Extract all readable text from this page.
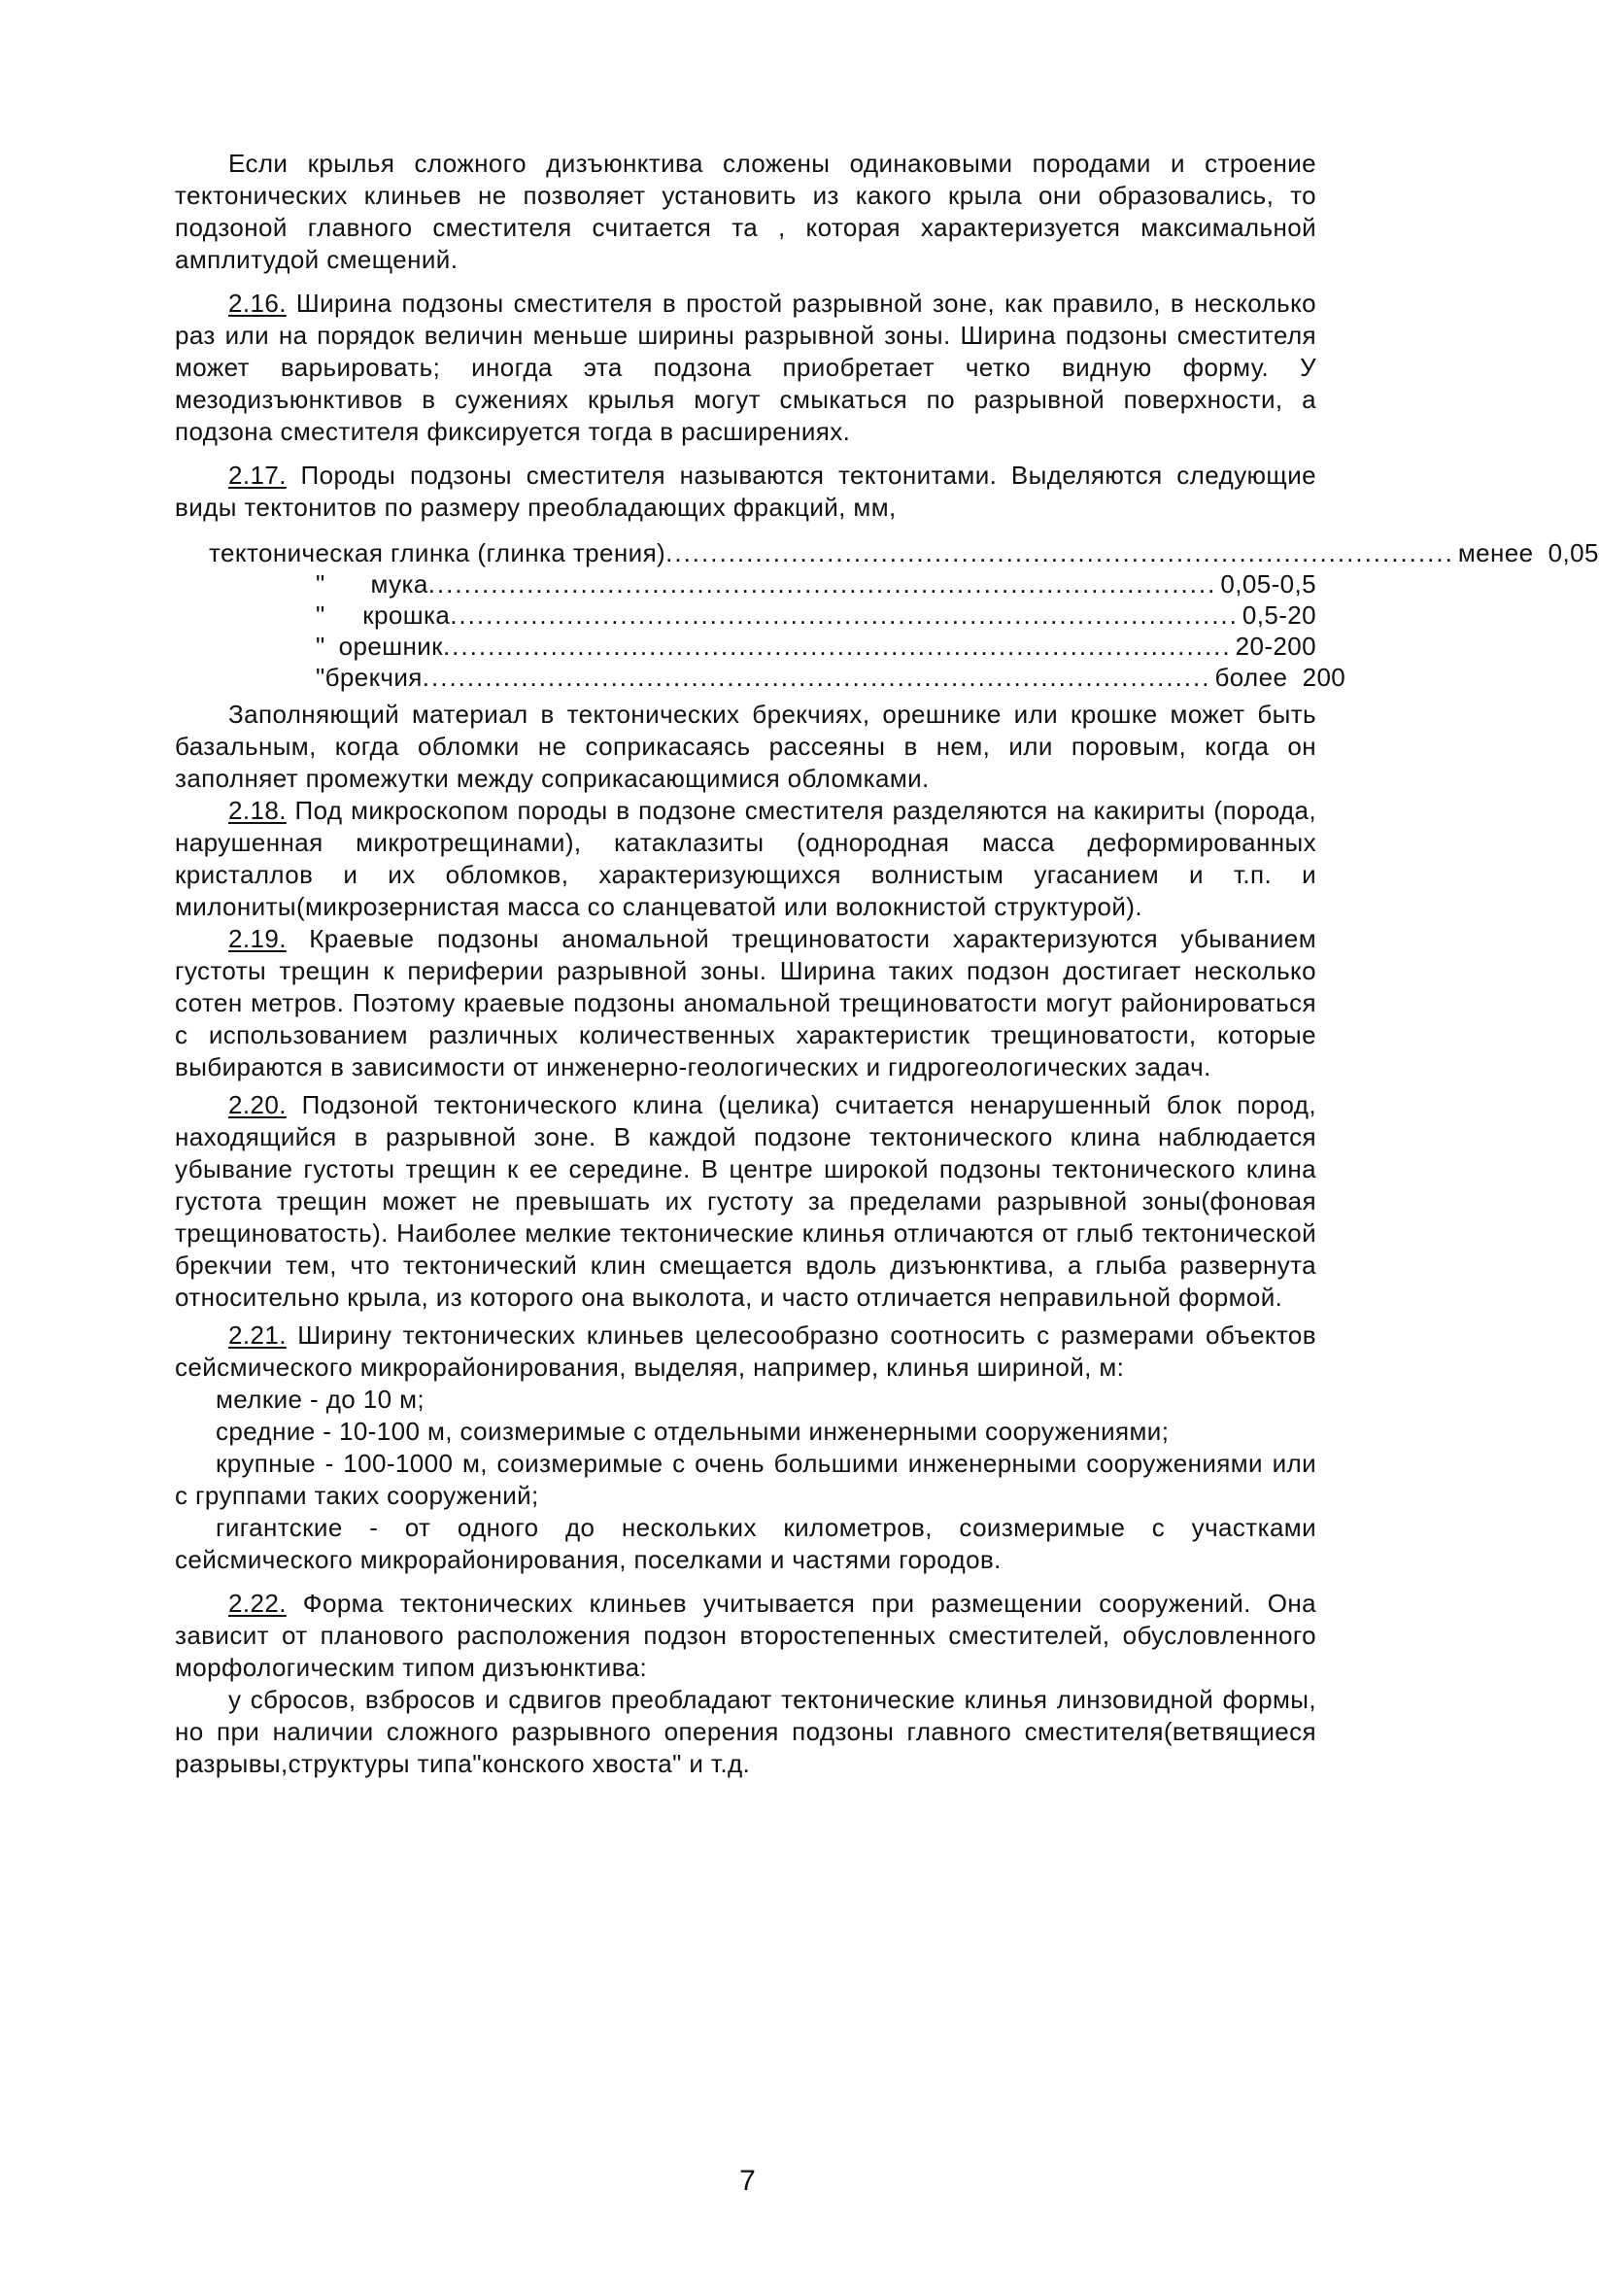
Если крылья сложного дизъюнктива сложены одинаковыми породами и строение тектонических клиньев не позволяет установить из какого крыла они образовались, то подзоной главного сместителя считается та , которая характеризуется максимальной амплитудой смещений.

2.16. Ширина подзоны сместителя в простой разрывной зоне, как правило, в несколько раз или на порядок величин меньше ширины разрывной зоны. Ширина подзоны сместителя может варьировать; иногда эта подзона приобретает четко видную форму. У мезодизъюнктивов в сужениях крылья могут смыкаться по разрывной поверхности, а подзона сместителя фиксируется тогда в расширениях.

2.17. Породы подзоны сместителя называются тектонитами. Выделяются следующие виды тектонитов по размеру преобладающих фракций, мм,

тектоническая глинка (глинка трения) ........................................................................................ менее  0,05
"	мука ........................................................................................ 0,05-0,5
"	крошка ........................................................................................ 0,5-20
" орешник ........................................................................................ 20-200
" брекчия ........................................................................................ более  200

Заполняющий материал в тектонических брекчиях, орешнике или крошке может быть базальным, когда обломки не соприкасаясь рассеяны в нем, или поровым, когда он заполняет промежутки между соприкасающимися обломками.

2.18. Под микроскопом породы в подзоне сместителя разделяются на какириты (порода, нарушенная микротрещинами), катаклазиты (однородная масса деформированных кристаллов и их обломков, характеризующихся волнистым угасанием и т.п. и милониты(микрозернистая масса со сланцеватой или волокнистой структурой).

2.19. Краевые подзоны аномальной трещиноватости характеризуются убыванием густоты трещин к периферии разрывной зоны. Ширина таких подзон достигает несколько сотен метров. Поэтому краевые подзоны аномальной трещиноватости могут районироваться с использованием различных количественных характеристик трещиноватости, которые выбираются в зависимости от инженерно-геологических и гидрогеологических задач.

2.20. Подзоной тектонического клина (целика) считается ненарушенный блок пород, находящийся в разрывной зоне. В каждой подзоне тектонического клина наблюдается убывание густоты трещин к ее середине. В центре широкой подзоны тектонического клина густота трещин может не превышать их густоту за пределами разрывной зоны(фоновая трещиноватость). Наиболее мелкие тектонические клинья отличаются от глыб тектонической брекчии тем, что тектонический клин смещается вдоль дизъюнктива, а глыба развернута относительно крыла, из которого она выколота, и часто отличается неправильной формой.

2.21. Ширину тектонических клиньев целесообразно соотносить с размерами объектов сейсмического микрорайонирования, выделяя, например, клинья шириной, м:

мелкие - до 10 м;

средние - 10-100 м, соизмеримые с отдельными инженерными сооружениями;

крупные - 100-1000 м, соизмеримые с очень большими инженерными сооружениями или с группами таких сооружений;

гигантские - от одного до нескольких километров, соизмеримые с участками сейсмического микрорайонирования, поселками и частями городов.

2.22. Форма тектонических клиньев учитывается при размещении сооружений. Она зависит от планового расположения подзон второстепенных сместителей, обусловленного морфологическим типом дизъюнктива:

у сбросов, взбросов и сдвигов преобладают тектонические клинья линзовидной формы, но при наличии сложного разрывного оперения подзоны главного сместителя(ветвящиеся разрывы,структуры типа"конского хвоста" и т.д.

7
